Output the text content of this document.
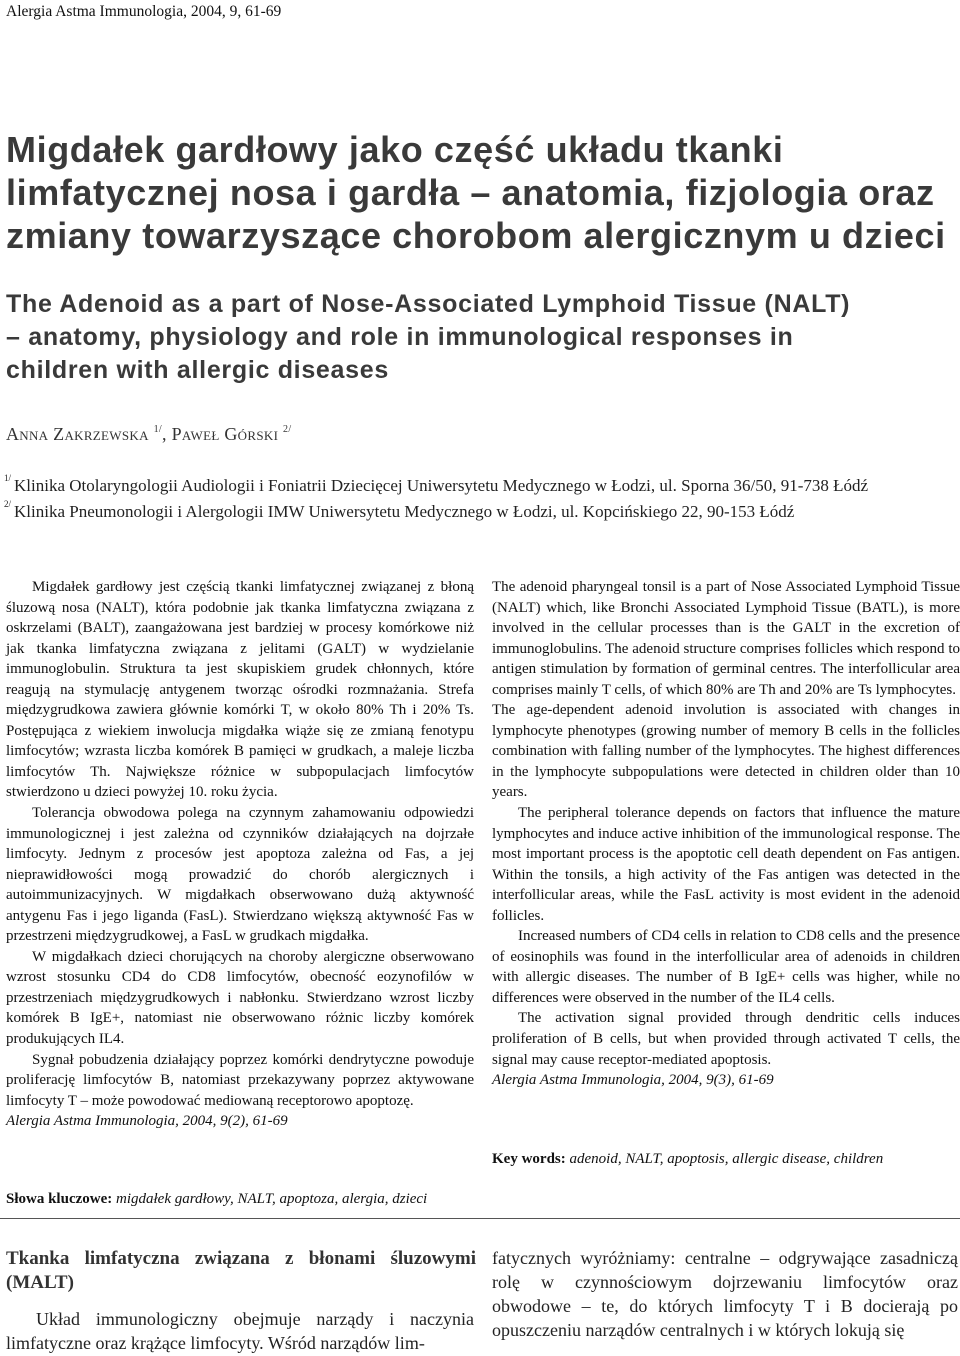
Alergia Astma Immunologia, 2004, 9, 61-69
Migdałek gardłowy jako część układu tkanki
limfatycznej nosa i gardła – anatomia, fizjologia oraz
zmiany towarzyszące chorobom alergicznym u dzieci
The Adenoid as a part of Nose-Associated Lymphoid Tissue (NALT)
– anatomy, physiology and role in immunological responses in
children with allergic diseases
Anna Zakrzewska $^{1/}$, Paweł Górski $^{2/}$
$^{1/}$ Klinika Otolaryngologii Audiologii i Foniatrii Dziecięcej Uniwersytetu Medycznego w Łodzi, ul. Sporna 36/50, 91-738 Łódź
$^{2/}$ Klinika Pneumonologii i Alergologii IMW Uniwersytetu Medycznego w Łodzi, ul. Kopcińskiego 22, 90-153 Łódź

Migdałek gardłowy jest częścią tkanki limfatycznej związanej z błoną śluzową nosa (NALT), która podobnie jak tkanka limfatyczna związana z oskrzelami (BALT), zaangażowana jest bardziej w procesy komórkowe niż jak tkanka limfatyczna związana z jelitami (GALT) w wydzielanie immunoglobulin. Struktura ta jest skupiskiem grudek chłonnych, które reagują na stymulację antygenem tworząc ośrodki rozmnażania. Strefa międzygrudkowa zawiera głównie komórki T, w około 80% Th i 20% Ts. Postępująca z wiekiem inwolucja migdałka wiąże się ze zmianą fenotypu limfocytów; wzrasta liczba komórek B pamięci w grudkach, a maleje liczba limfocytów Th. Największe różnice w subpopulacjach limfocytów stwierdzono u dzieci powyżej 10. roku życia.

Tolerancja obwodowa polega na czynnym zahamowaniu odpowiedzi immunologicznej i jest zależna od czynników działających na dojrzałe limfocyty. Jednym z procesów jest apoptoza zależna od Fas, a jej nieprawidłowości mogą prowadzić do chorób alergicznych i autoimmunizacyjnych. W migdałkach obserwowano dużą aktywność antygenu Fas i jego liganda (FasL). Stwierdzano większą aktywność Fas w przestrzeni międzygrudkowej, a FasL w grudkach migdałka.

W migdałkach dzieci chorujących na choroby alergiczne obserwowano wzrost stosunku CD4 do CD8 limfocytów, obecność eozynofilów w przestrzeniach międzygrudkowych i nabłonku. Stwierdzano wzrost liczby komórek B IgE+, natomiast nie obserwowano różnic liczby komórek produkujących IL4.

Sygnał pobudzenia działający poprzez komórki dendrytyczne powoduje proliferację limfocytów B, natomiast przekazywany poprzez aktywowane limfocyty T – może powodować mediowaną receptorowo apoptozę.

Alergia Astma Immunologia, 2004, 9(2), 61-69

The adenoid pharyngeal tonsil is a part of Nose Associated Lymphoid Tissue (NALT) which, like Bronchi Associated Lymphoid Tissue (BATL), is more involved in the cellular processes than is the GALT in the excretion of immunoglobulins. The adenoid structure comprises follicles which respond to antigen stimulation by formation of germinal centres. The interfollicular area comprises mainly T cells, of which 80% are Th and 20% are Ts lymphocytes.

The age-dependent adenoid involution is associated with changes in lymphocyte phenotypes (growing number of memory B cells in the follicles combination with falling number of the lymphocytes. The highest differences in the lymphocyte subpopulations were detected in children older than 10 years.

The peripheral tolerance depends on factors that influence the mature lymphocytes and induce active inhibition of the immunological response. The most important process is the apoptotic cell death dependent on Fas antigen. Within the tonsils, a high activity of the Fas antigen was detected in the interfollicular areas, while the FasL activity is most evident in the adenoid follicles.

Increased numbers of CD4 cells in relation to CD8 cells and the presence of eosinophils was found in the interfollicular area of adenoids in children with allergic diseases. The number of B IgE+ cells was higher, while no differences were observed in the number of the IL4 cells.

The activation signal provided through dendritic cells induces proliferation of B cells, but when provided through activated T cells, the signal may cause receptor-mediated apoptosis.

Alergia Astma Immunologia, 2004, 9(3), 61-69

Key words: adenoid, NALT, apoptosis, allergic disease, children
Słowa kluczowe: migdałek gardłowy, NALT, apoptoza, alergia, dzieci
Tkanka limfatyczna związana z błonami śluzowymi (MALT)

Układ immunologiczny obejmuje narządy i naczynia limfatyczne oraz krążące limfocyty. Wśród narządów lim-

fatycznych wyróżniamy: centralne – odgrywające zasadniczą rolę w czynnościowym dojrzewaniu limfocytów oraz obwodowe – te, do których limfocyty T i B docierają po opuszczeniu narządów centralnych i w których lokują się
